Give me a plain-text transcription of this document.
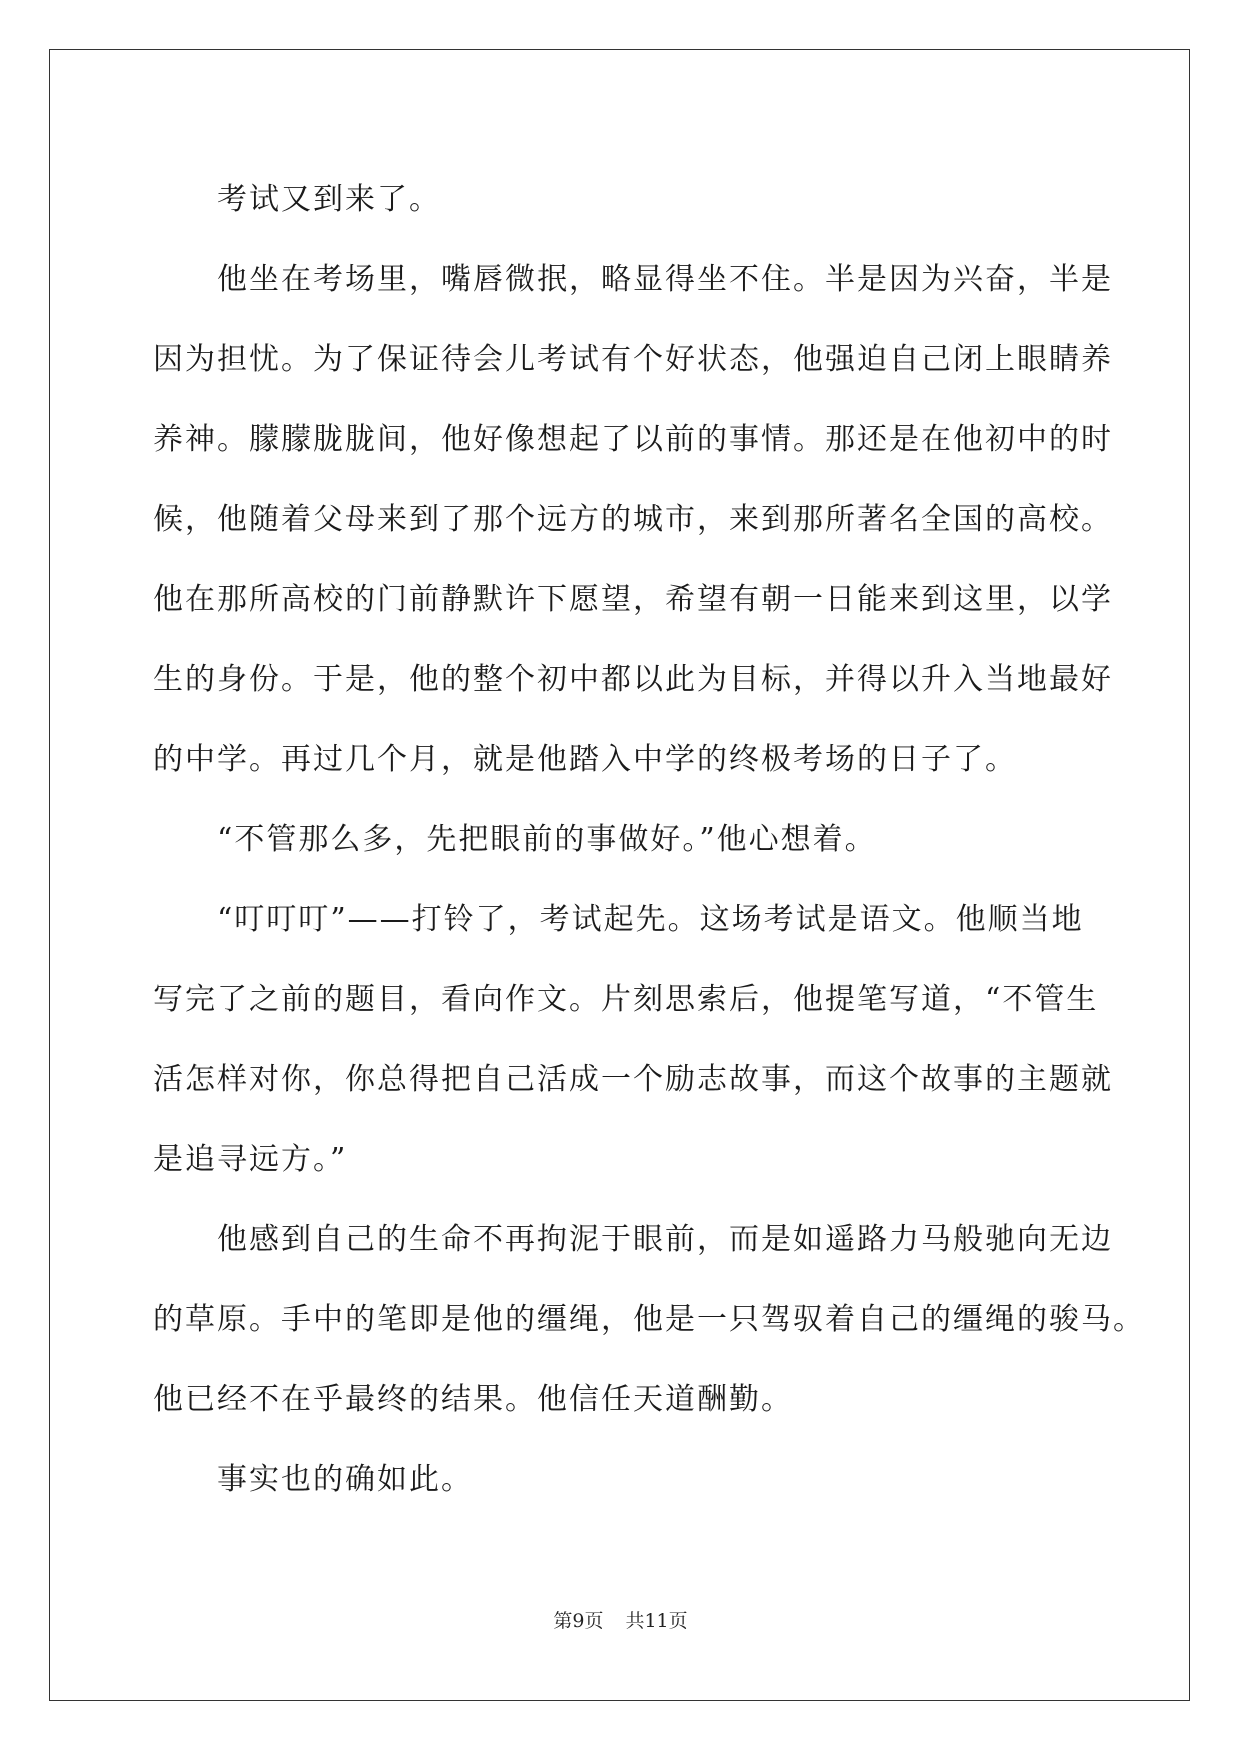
　　考试又到来了。

　　他坐在考场里，嘴唇微抿，略显得坐不住。半是因为兴奋，半是

因为担忧。为了保证待会儿考试有个好状态，他强迫自己闭上眼睛养

养神。朦朦胧胧间，他好像想起了以前的事情。那还是在他初中的时

候，他随着父母来到了那个远方的城市，来到那所著名全国的高校。

他在那所高校的门前静默许下愿望，希望有朝一日能来到这里，以学

生的身份。于是，他的整个初中都以此为目标，并得以升入当地最好

的中学。再过几个月，就是他踏入中学的终极考场的日子了。

　　“不管那么多，先把眼前的事做好。”他心想着。

　　“叮叮叮”——打铃了，考试起先。这场考试是语文。他顺当地

写完了之前的题目，看向作文。片刻思索后，他提笔写道，“不管生

活怎样对你，你总得把自己活成一个励志故事，而这个故事的主题就

是追寻远方。”

　　他感到自己的生命不再拘泥于眼前，而是如遥路力马般驰向无边

的草原。手中的笔即是他的缰绳，他是一只驾驭着自己的缰绳的骏马。

他已经不在乎最终的结果。他信任天道酬勤。

　　事实也的确如此。

第9页 共11页
